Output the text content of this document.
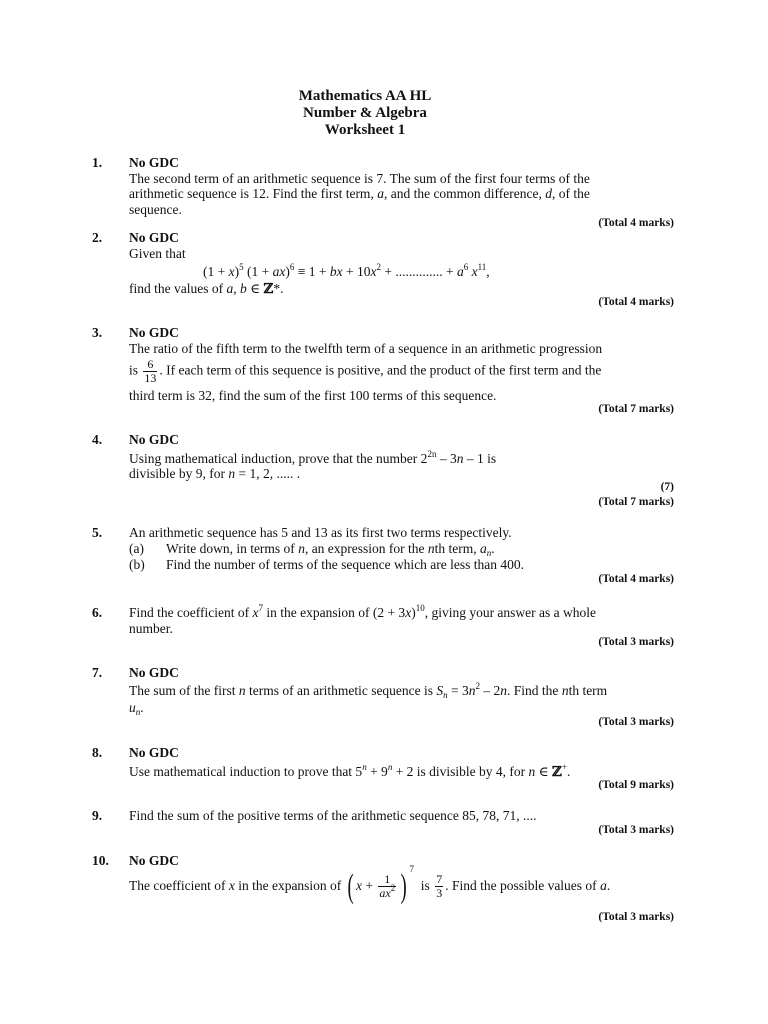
Mathematics AA HL
Number & Algebra
Worksheet 1
1. No GDC
The second term of an arithmetic sequence is 7. The sum of the first four terms of the
arithmetic sequence is 12. Find the first term, a, and the common difference, d, of the
sequence.
(Total 4 marks)
2. No GDC
Given that
$(1 + x)^5$ (1 + ax)$^6$ ≡ 1 + bx + $10x^2$ + .............. + $a^6$ $x^{11}$,
find the values of a, b ∈ ℤ*.
(Total 4 marks)
3. No GDC
The ratio of the fifth term to the twelfth term of a sequence in an arithmetic progression
is $\frac{6}{13}$ . If each term of this sequence is positive, and the product of the first term and the
third term is 32, find the sum of the first 100 terms of this sequence.
(Total 7 marks)
4. No GDC
Using mathematical induction, prove that the number $2^{2n} - 3n - 1$ is
divisible by 9, for n = 1, 2, ..... .
(7)
(Total 7 marks)
5. An arithmetic sequence has 5 and 13 as its first two terms respectively.
(a) Write down, in terms of n, an expression for the nth term, $a_n$.
(b) Find the number of terms of the sequence which are less than 400.
(Total 4 marks)
6. Find the coefficient of $x^7$ in the expansion of $(2 + 3x)^{10}$, giving your answer as a whole
number.
(Total 3 marks)
7. No GDC
The sum of the first n terms of an arithmetic sequence is $S_n = 3n^2 - 2n$. Find the nth term
$u_n$.
(Total 3 marks)
8. No GDC
Use mathematical induction to prove that $5^n + 9^n + 2$ is divisible by 4, for n ∈ ℤ+.
(Total 9 marks)
9. Find the sum of the positive terms of the arithmetic sequence 85, 78, 71, ....
(Total 3 marks)
10. No GDC
The coefficient of x in the expansion of ( $x + \frac{1}{ax^2}$ ) $^7$  is $\frac{7}{3}$ . Find the possible values of a.
(Total 3 marks)
